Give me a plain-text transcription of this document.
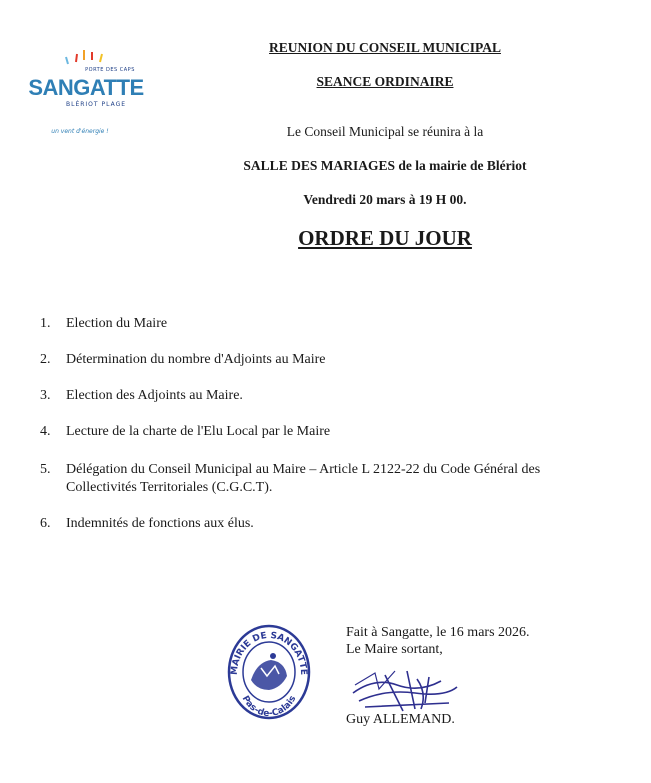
PORTE DES CAPS
SANGATTE
BLÉRIOT PLAGE
un vent d'énergie !
REUNION DU CONSEIL MUNICIPAL
SEANCE ORDINAIRE
Le Conseil Municipal se réunira à la
SALLE DES MARIAGES de la mairie de Blériot
Vendredi 20 mars à 19 H 00.
ORDRE DU JOUR
1. Election du Maire
2. Détermination du nombre d'Adjoints au Maire
3. Election des Adjoints au Maire.
4. Lecture de la charte de l'Elu Local par le Maire
5. Délégation du Conseil Municipal au Maire – Article L 2122-22 du Code Général des Collectivités Territoriales (C.G.C.T).
6. Indemnités de fonctions aux élus.
MAIRIE DE SANGATTE
Pas-de-Calais
Fait à Sangatte, le 16 mars 2026.
Le Maire sortant,
Guy ALLEMAND.
